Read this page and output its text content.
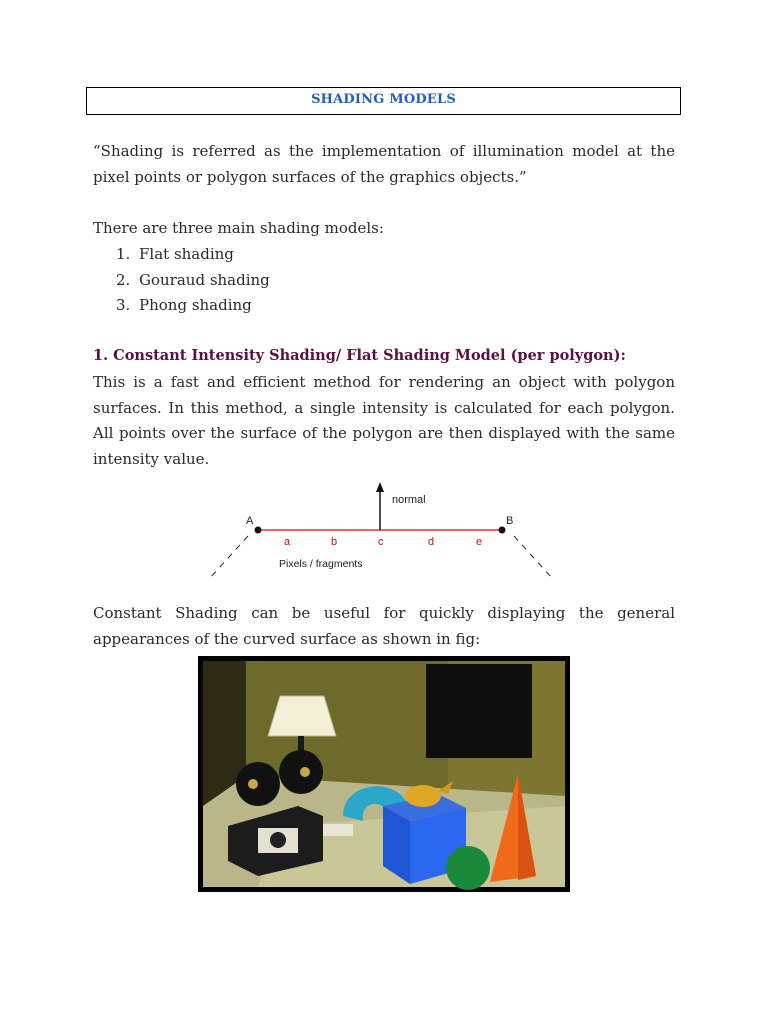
SHADING MODELS
“Shading is referred as the implementation of illumination model at the pixel points or polygon surfaces of the graphics objects.”
There are three main shading models:
1. Flat shading
2. Gouraud shading
3. Phong shading
1. Constant Intensity Shading/ Flat Shading Model (per polygon):
This is a fast and efficient method for rendering an object with polygon surfaces. In this method, a single intensity is calculated for each polygon. All points over the surface of the polygon are then displayed with the same intensity value.
normal
A	B
a	b	c	d	e
Pixels / fragments
Constant Shading can be useful for quickly displaying the general appearances of the curved surface as shown in fig:
